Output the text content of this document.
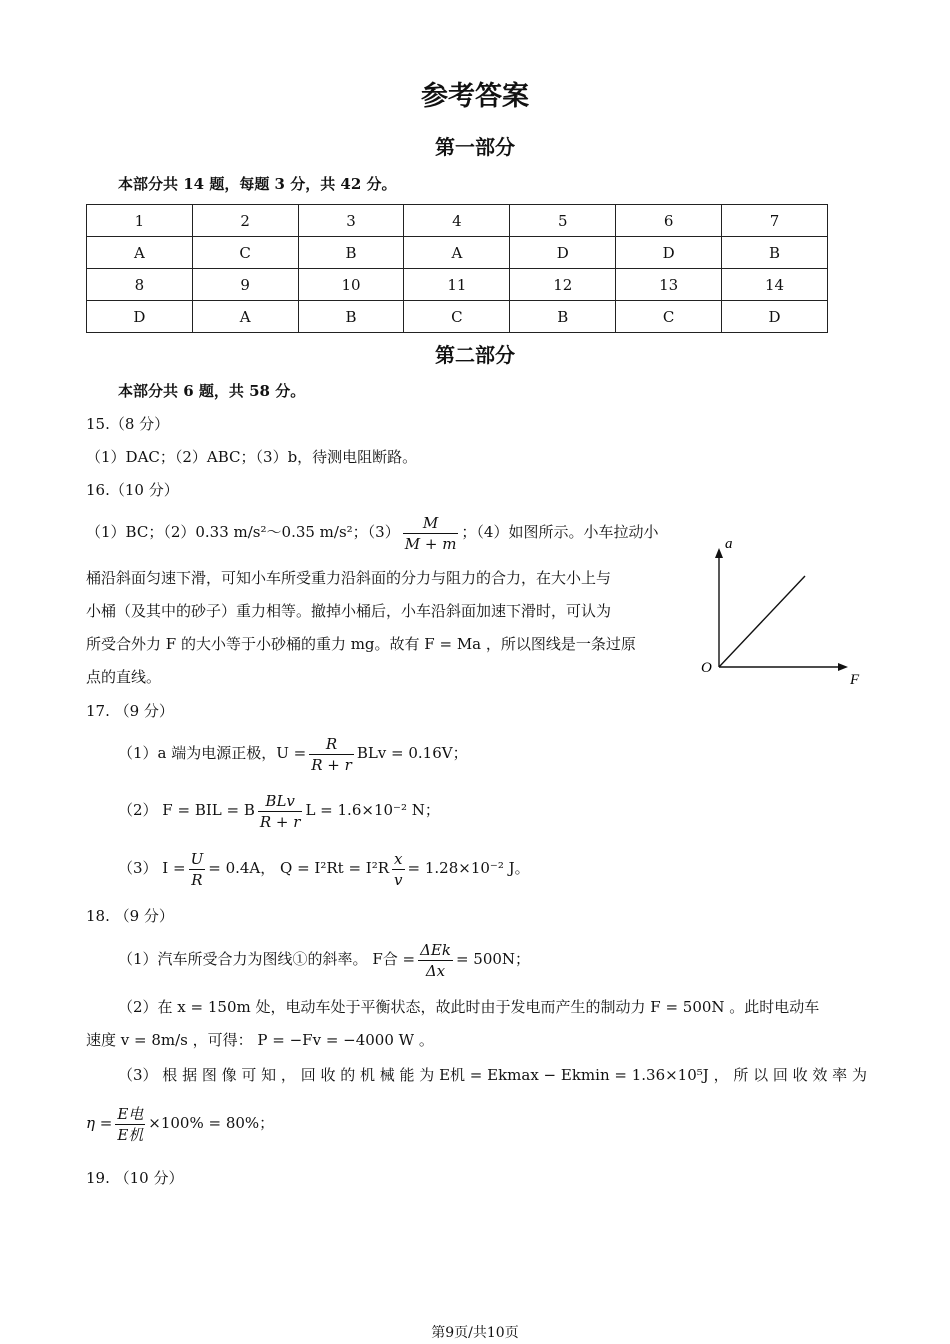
参考答案
第一部分
本部分共 14 题，每题 3 分，共 42 分。
1	2	3	4	5	6	7
A	C	B	A	D	D	B
8	9	10	11	12	13	14
D	A	B	C	B	C	D
第二部分
本部分共 6 题，共 58 分。
15.（8 分）
（1）DAC；（2）ABC；（3）b，待测电阻断路。
16.（10 分）
（1）BC；（2）0.33 m/s²～0.35 m/s²；$(3) \frac{M}{M + m}$ ；（4）如图所示。小车拉动小
桶沿斜面匀速下滑，可知小车所受重力沿斜面的分力与阻力的合力，在大小上与
小桶（及其中的砂子）重力相等。撤掉小桶后，小车沿斜面加速下滑时，可认为
所受合外力 F 的大小等于小砂桶的重力 mg。故有 F = Ma ，所以图线是一条过原
点的直线。
a
F
O
17. （9 分）
（1）a 端为电源正极，$U = \frac{R}{R + r}$ BLv = 0.16V；
（2） F = BIL = B $\frac{\text{BLv}}{R + r}$ L = 1.6×10⁻² N；
（3） $I = \frac{U}{R} = 0.4A$， $Q = I^2Rt = I^2R \frac{x}{v} = 1.28\times 10^{-2}$ J。
18. （9 分）
（1）汽车所受合力为图线①的斜率。 F合 = $\frac{\text{ΔEk}}{\Delta x} = 500N$；
（2）在 x = 150m 处，电动车处于平衡状态，故此时由于发电而产生的制动力 F = 500N 。此时电动车
速度 v = 8m/s ，可得： P = −Fv = −4000 W 。
（3） 根 据 图 像 可 知 ， 回 收 的 机 械 能 为 E机 = Ekmax − Ekmin = 1.36×10⁵J ， 所 以 回 收 效 率 为
$\eta = \frac{\text{E电}}{\text{E机}} \times 100\% = 80\%$；
19. （10 分）
第9页/共10页
